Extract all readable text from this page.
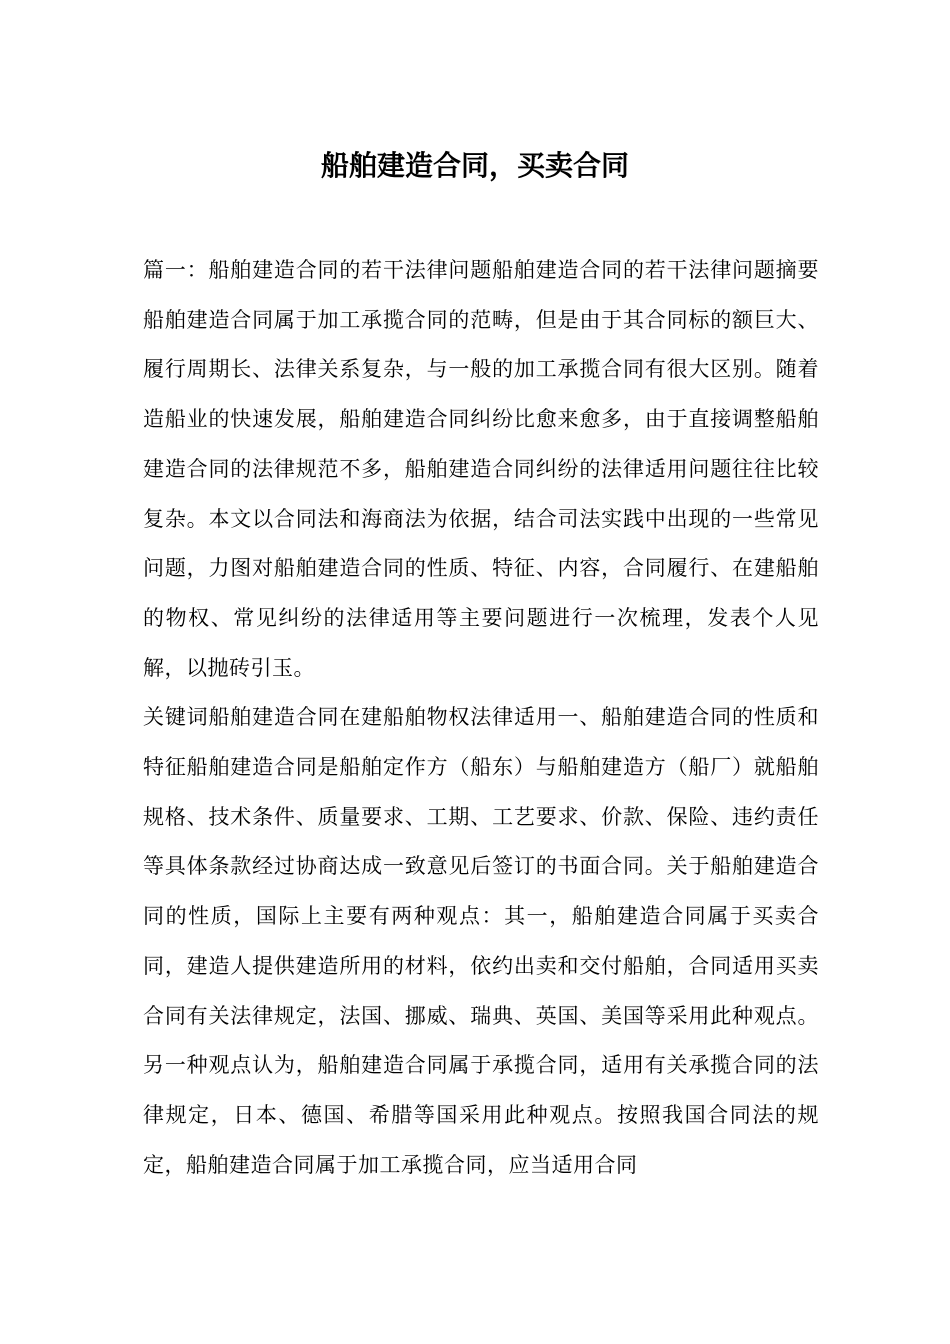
船舶建造合同，买卖合同

篇一：船舶建造合同的若干法律问题船舶建造合同的若干法律问题摘要船舶建造合同属于加工承揽合同的范畴，但是由于其合同标的额巨大、履行周期长、法律关系复杂，与一般的加工承揽合同有很大区别。随着造船业的快速发展，船舶建造合同纠纷比愈来愈多，由于直接调整船舶建造合同的法律规范不多，船舶建造合同纠纷的法律适用问题往往比较复杂。本文以合同法和海商法为依据，结合司法实践中出现的一些常见问题，力图对船舶建造合同的性质、特征、内容，合同履行、在建船舶的物权、常见纠纷的法律适用等主要问题进行一次梳理，发表个人见解，以抛砖引玉。

关键词船舶建造合同在建船舶物权法律适用一、船舶建造合同的性质和特征船舶建造合同是船舶定作方（船东）与船舶建造方（船厂）就船舶规格、技术条件、质量要求、工期、工艺要求、价款、保险、违约责任等具体条款经过协商达成一致意见后签订的书面合同。关于船舶建造合同的性质，国际上主要有两种观点：其一，船舶建造合同属于买卖合同，建造人提供建造所用的材料，依约出卖和交付船舶，合同适用买卖合同有关法律规定，法国、挪威、瑞典、英国、美国等采用此种观点。另一种观点认为，船舶建造合同属于承揽合同，适用有关承揽合同的法律规定，日本、德国、希腊等国采用此种观点。按照我国合同法的规定，船舶建造合同属于加工承揽合同，应当适用合同
